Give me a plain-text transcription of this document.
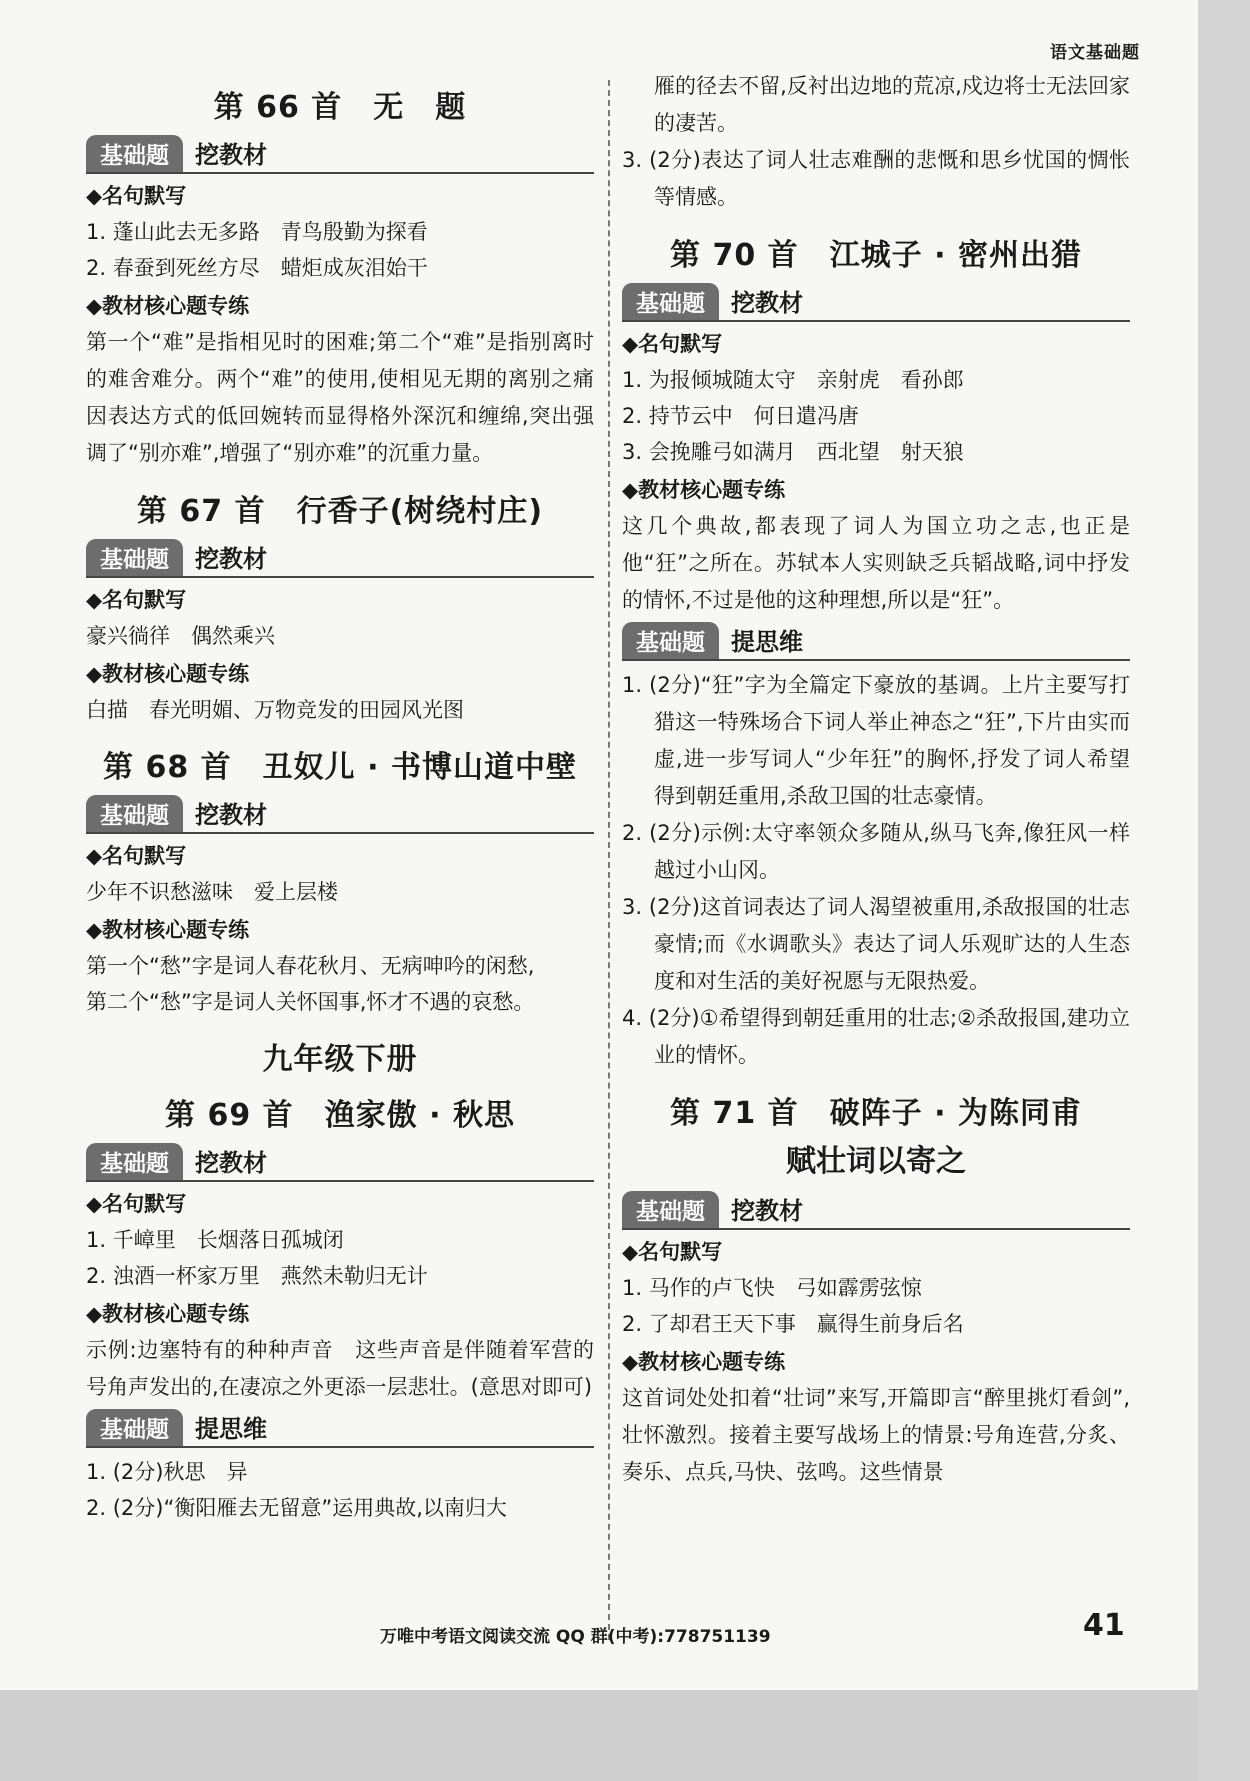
语文基础题
第 66 首　无　题
基础题	挖教材
◆名句默写
1. 蓬山此去无多路　青鸟殷勤为探看
2. 春蚕到死丝方尽　蜡炬成灰泪始干
◆教材核心题专练
第一个“难”是指相见时的困难;第二个“难”是指别离时的难舍难分。两个“难”的使用,使相见无期的离别之痛因表达方式的低回婉转而显得格外深沉和缠绵,突出强调了“别亦难”,增强了“别亦难”的沉重力量。
第 67 首　行香子(树绕村庄)
基础题	挖教材
◆名句默写
豪兴徜徉　偶然乘兴
◆教材核心题专练
白描　春光明媚、万物竞发的田园风光图
第 68 首　丑奴儿 · 书博山道中壁
基础题	挖教材
◆名句默写
少年不识愁滋味　爱上层楼
◆教材核心题专练
第一个“愁”字是词人春花秋月、无病呻吟的闲愁,
第二个“愁”字是词人关怀国事,怀才不遇的哀愁。
九年级下册
第 69 首　渔家傲 · 秋思
基础题	挖教材
◆名句默写
1. 千嶂里　长烟落日孤城闭
2. 浊酒一杯家万里　燕然未勒归无计
◆教材核心题专练
示例:边塞特有的种种声音　这些声音是伴随着军营的号角声发出的,在凄凉之外更添一层悲壮。(意思对即可)
基础题	提思维
1. (2分)秋思　异
2. (2分)“衡阳雁去无留意”运用典故,以南归大
雁的径去不留,反衬出边地的荒凉,戍边将士无法回家的凄苦。
3. (2分)表达了词人壮志难酬的悲慨和思乡忧国的惆怅等情感。
第 70 首　江城子 · 密州出猎
基础题	挖教材
◆名句默写
1. 为报倾城随太守　亲射虎　看孙郎
2. 持节云中　何日遣冯唐
3. 会挽雕弓如满月　西北望　射天狼
◆教材核心题专练
这几个典故,都表现了词人为国立功之志,也正是他“狂”之所在。苏轼本人实则缺乏兵韬战略,词中抒发的情怀,不过是他的这种理想,所以是“狂”。
基础题	提思维
1. (2分)“狂”字为全篇定下豪放的基调。上片主要写打猎这一特殊场合下词人举止神态之“狂”,下片由实而虚,进一步写词人“少年狂”的胸怀,抒发了词人希望得到朝廷重用,杀敌卫国的壮志豪情。
2. (2分)示例:太守率领众多随从,纵马飞奔,像狂风一样越过小山冈。
3. (2分)这首词表达了词人渴望被重用,杀敌报国的壮志豪情;而《水调歌头》表达了词人乐观旷达的人生态度和对生活的美好祝愿与无限热爱。
4. (2分)①希望得到朝廷重用的壮志;②杀敌报国,建功立业的情怀。
第 71 首　破阵子 · 为陈同甫
赋壮词以寄之
基础题	挖教材
◆名句默写
1. 马作的卢飞快　弓如霹雳弦惊
2. 了却君王天下事　赢得生前身后名
◆教材核心题专练
这首词处处扣着“壮词”来写,开篇即言“醉里挑灯看剑”,壮怀激烈。接着主要写战场上的情景:号角连营,分炙、奏乐、点兵,马快、弦鸣。这些情景
万唯中考语文阅读交流 QQ 群(中考):778751139	41
